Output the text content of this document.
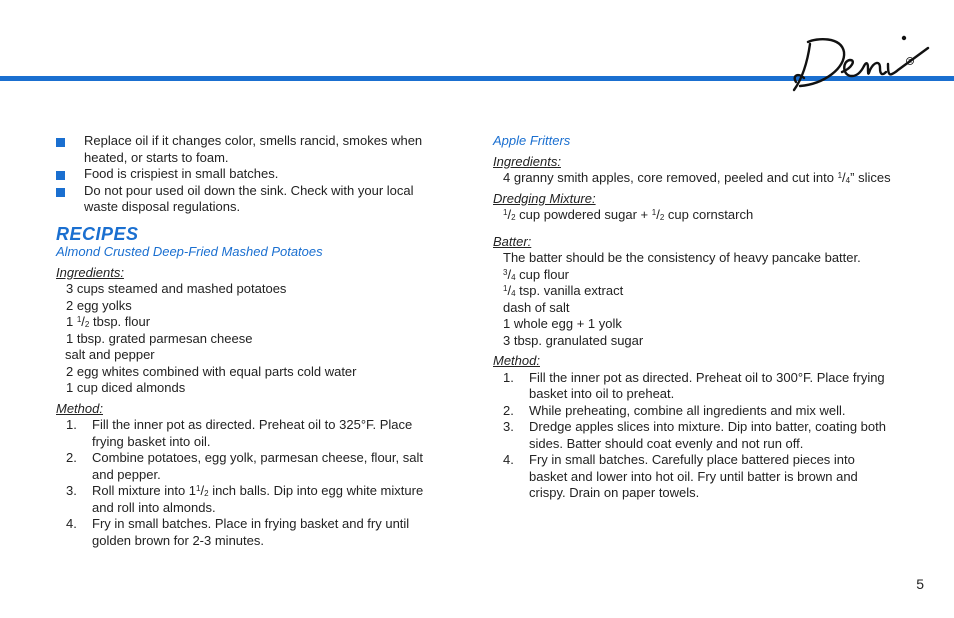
R
Replace oil if it changes color, smells rancid, smokes when heated, or starts to foam.
Food is crispiest in small batches.
Do not pour used oil down the sink. Check with your local waste disposal regulations.
RECIPES

Almond Crusted Deep-Fried Mashed Potatoes

Ingredients:

3 cups steamed and mashed potatoes
2 egg yolks
1 $^1/_2$ tbsp. flour
1 tbsp. grated parmesan cheese
salt and pepper
2 egg whites combined with equal parts cold water
1 cup diced almonds

Method:

1. Fill the inner pot as directed. Preheat oil to 325°F. Place frying basket into oil.
2. Combine potatoes, egg yolk, parmesan cheese, flour, salt and pepper.
3. Roll mixture into $1^1/_2$ inch balls. Dip into egg white mixture and roll into almonds.
4. Fry in small batches. Place in frying basket and fry until golden brown for 2-3 minutes.

Apple Fritters

Ingredients:

4 granny smith apples, core removed, peeled and cut into $^1/_4$” slices

Dredging Mixture:

$^1/_2$ cup powdered sugar + $^1/_2$ cup cornstarch

Batter:

The batter should be the consistency of heavy pancake batter.
$^3/_4$ cup flour
$^1/_4$ tsp. vanilla extract
dash of salt
1 whole egg + 1 yolk
3 tbsp. granulated sugar

Method:

1. Fill the inner pot as directed. Preheat oil to 300°F. Place frying basket into oil to preheat.
2. While preheating, combine all ingredients and mix well.
3. Dredge apples slices into mixture. Dip into batter, coating both sides. Batter should coat evenly and not run off.
4. Fry in small batches. Carefully place battered pieces into basket and lower into hot oil. Fry until batter is brown and crispy. Drain on paper towels.
5
